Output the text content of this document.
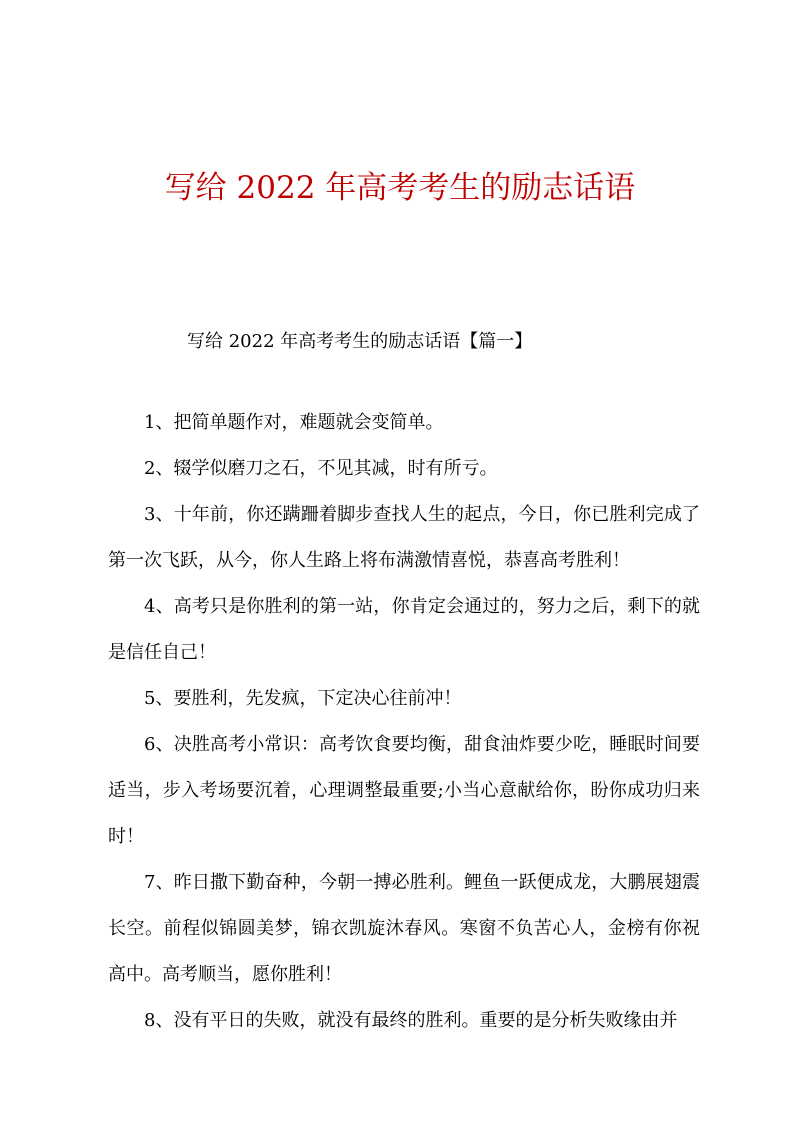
写给 2022 年高考考生的励志话语
写给 2022 年高考考生的励志话语【篇一】

1、把简单题作对，难题就会变简单。

2、辍学似磨刀之石，不见其减，时有所亏。

3、十年前，你还蹒跚着脚步查找人生的起点，今日，你已胜利完成了第一次飞跃，从今，你人生路上将布满激情喜悦，恭喜高考胜利！

4、高考只是你胜利的第一站，你肯定会通过的，努力之后，剩下的就是信任自己！

5、要胜利，先发疯，下定决心往前冲！

6、决胜高考小常识：高考饮食要均衡，甜食油炸要少吃，睡眠时间要适当，步入考场要沉着，心理调整最重要;小当心意献给你，盼你成功归来时！

7、昨日撒下勤奋种，今朝一搏必胜利。鲤鱼一跃便成龙，大鹏展翅震长空。前程似锦圆美梦，锦衣凯旋沐春风。寒窗不负苦心人，金榜有你祝高中。高考顺当，愿你胜利！

8、没有平日的失败，就没有最终的胜利。重要的是分析失败缘由并
